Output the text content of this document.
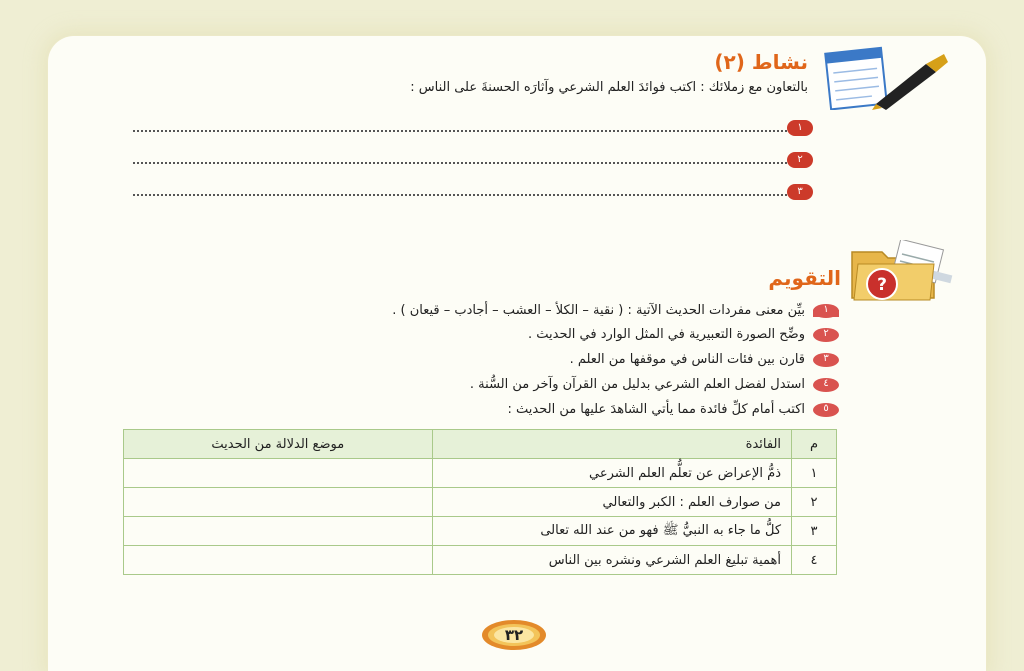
نشاط (٢)
بالتعاون مع زملائك : اكتب فوائدَ العلم الشرعي وآثارَه الحسنةَ على الناس :
١
٢
٣
?
التقويم
١
بيِّن معنى مفردات الحديث الآتية : ( نقية – الكلأ – العشب – أجادب – قيعان ) .
٢
وضِّح الصورة التعبيرية في المثل الوارد في الحديث .
٣
قارن بين فئات الناس في موقفها من العلم .
٤
استدل لفضل العلم الشرعي بدليل من القرآن وآخر من السُّنة .
٥
اكتب أمام كلِّ فائدة مما يأتي الشاهدَ عليها من الحديث :
م	الفائدة	موضع الدلالة من الحديث
١	ذمُّ الإعراض عن تعلُّم العلم الشرعي	
٢	من صوارف العلم : الكبر والتعالي	
٣	كلُّ ما جاء به النبيُّ ﷺ فهو من عند الله تعالى	
٤	أهمية تبليغ العلم الشرعي ونشره بين الناس	
٣٢
